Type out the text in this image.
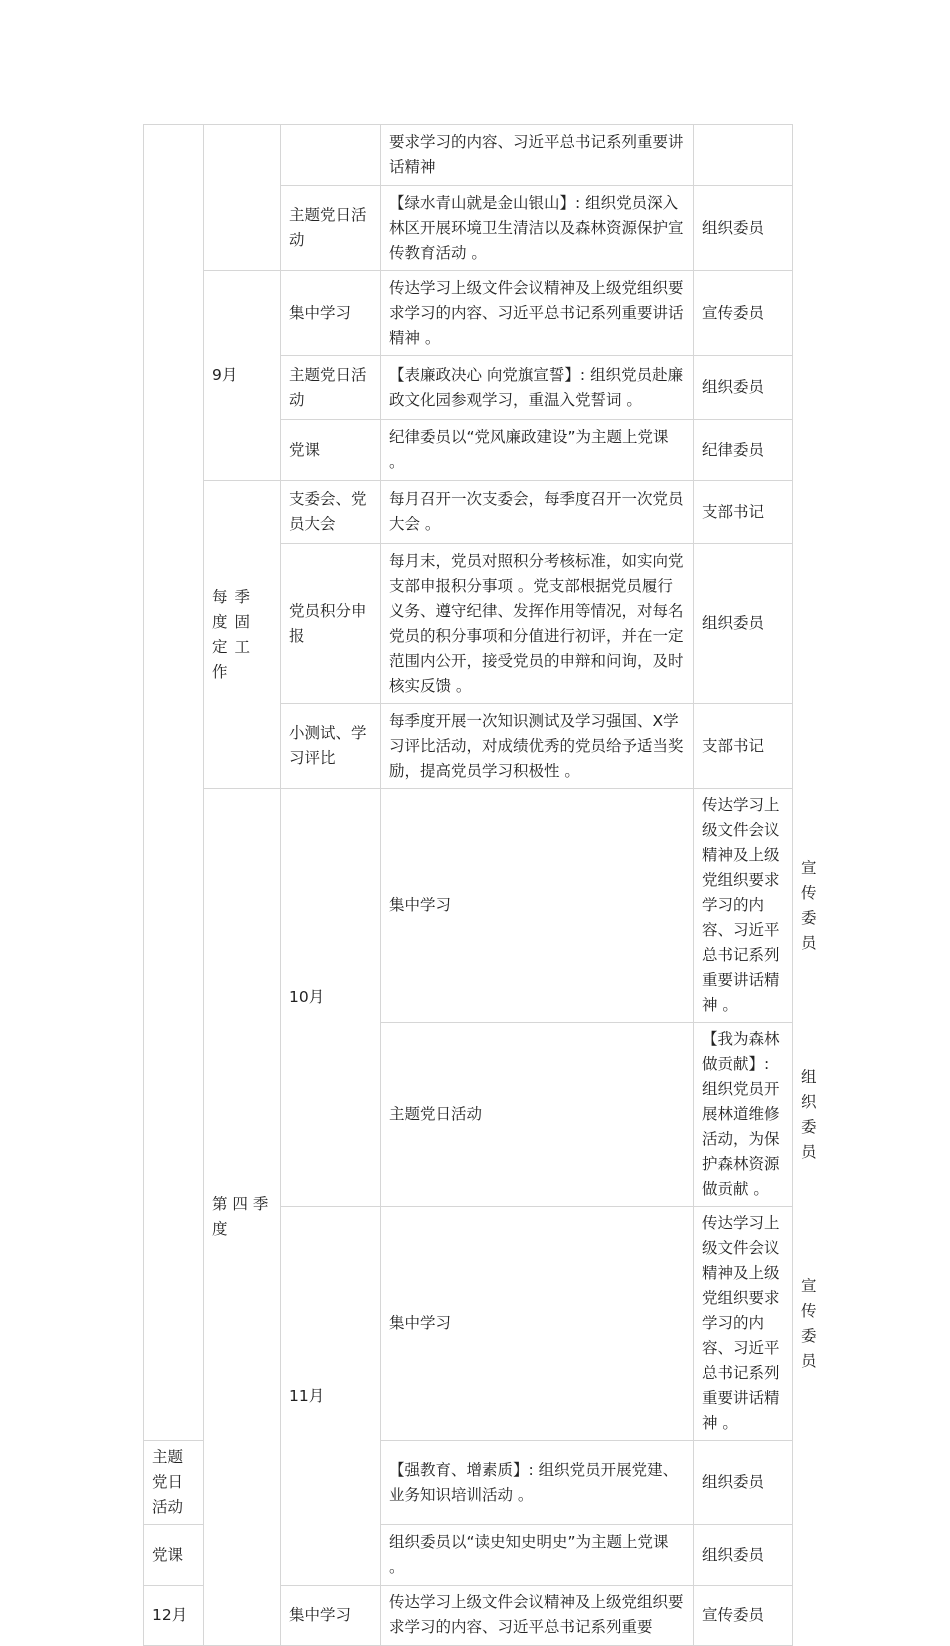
			要求学习的内容、习近平总书记系列重要讲话精神		
		主题党日活动	【绿水青山就是金山银山】: 组织党员深入林区开展环境卫生清洁以及森林资源保护宣传教育活动 。	组织委员	
	9月	集中学习	传达学习上级文件会议精神及上级党组织要求学习的内容、习近平总书记系列重要讲话精神 。	宣传委员	
		主题党日活动	【表廉政决心 向党旗宣誓】: 组织党员赴廉政文化园参观学习，重温入党誓词 。	组织委员	
		党课	纪律委员以“党风廉政建设”为主题上党课 。	纪律委员	
	每季度固定工作	支委会、党员大会	每月召开一次支委会，每季度召开一次党员大会 。	支部书记	
		党员积分申报	每月末，党员对照积分考核标准，如实向党支部申报积分事项 。党支部根据党员履行义务、遵守纪律、发挥作用等情况，对每名党员的积分事项和分值进行初评，并在一定范围内公开，接受党员的申辩和问询，及时核实反馈 。	组织委员	
		小测试、学习评比	每季度开展一次知识测试及学习强国、X学习评比活动，对成绩优秀的党员给予适当奖励，提高党员学习积极性 。	支部书记	
	第 四 季度	10月	集中学习	传达学习上级文件会议精神及上级党组织要求学习的内容、习近平总书记系列重要讲话精神 。	宣传委员
			主题党日活动	【我为森林做贡献】: 组织党员开展林道维修活动，为保护森林资源做贡献 。	组织委员
		11月	集中学习	传达学习上级文件会议精神及上级党组织要求学习的内容、习近平总书记系列重要讲话精神 。	宣传委员
主题党日活动			【强教育、增素质】: 组织党员开展党建、业务知识培训活动 。	组织委员	
党课			组织委员以“读史知史明史”为主题上党课 。	组织委员	
12月		集中学习	传达学习上级文件会议精神及上级党组织要求学习的内容、习近平总书记系列重要	宣传委员	
